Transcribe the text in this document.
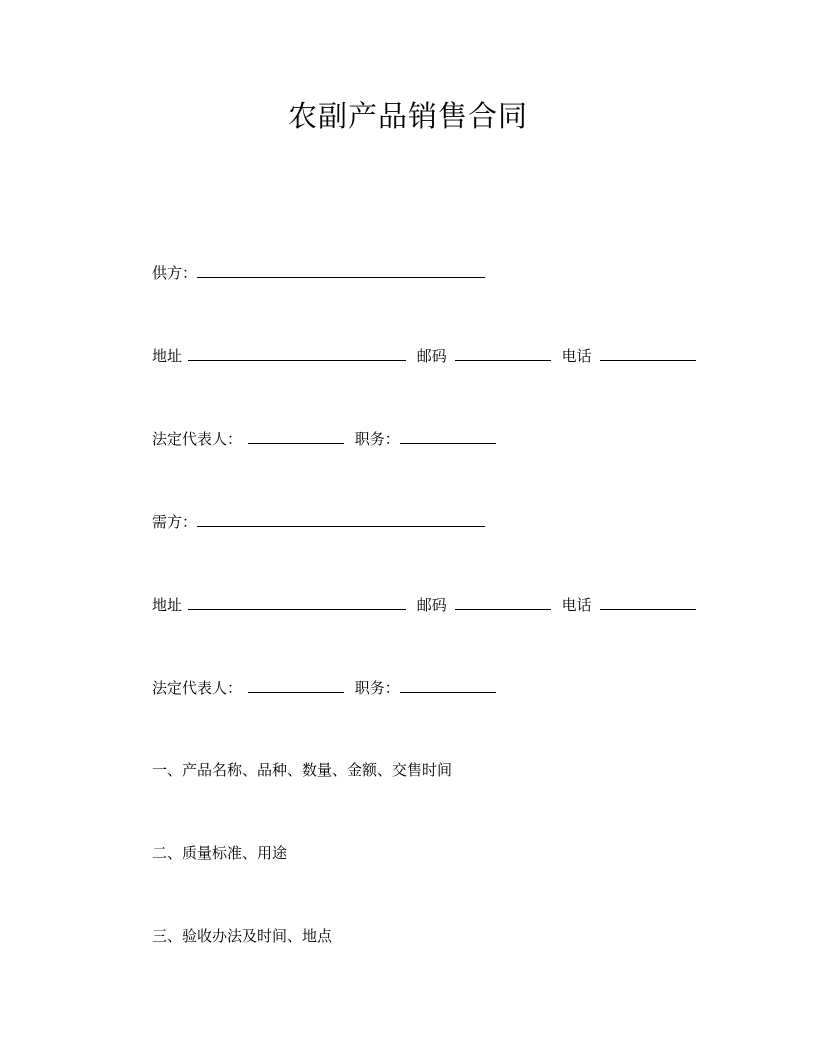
农副产品销售合同
供方：
地址	邮码	电话
法定代表人：	职务：
需方：
地址	邮码	电话
法定代表人：	职务：
一、产品名称、品种、数量、金额、交售时间
二、质量标准、用途
三、验收办法及时间、地点
